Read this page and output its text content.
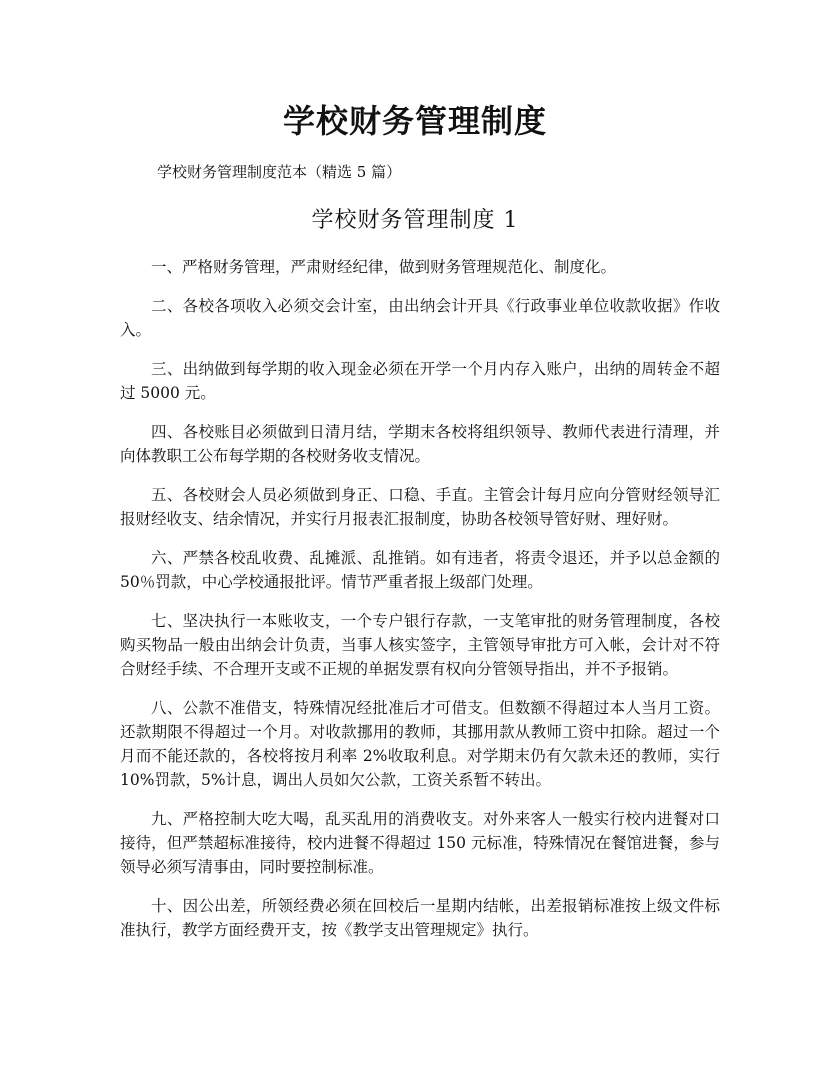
学校财务管理制度

学校财务管理制度范本（精选 5 篇）

学校财务管理制度 1

一、严格财务管理，严肃财经纪律，做到财务管理规范化、制度化。

二、各校各项收入必须交会计室，由出纳会计开具《行政事业单位收款收据》作收入。

三、出纳做到每学期的收入现金必须在开学一个月内存入账户，出纳的周转金不超过 5000 元。

四、各校账目必须做到日清月结，学期末各校将组织领导、教师代表进行清理，并向体教职工公布每学期的各校财务收支情况。

五、各校财会人员必须做到身正、口稳、手直。主管会计每月应向分管财经领导汇报财经收支、结余情况，并实行月报表汇报制度，协助各校领导管好财、理好财。

六、严禁各校乱收费、乱摊派、乱推销。如有违者，将责令退还，并予以总金额的 50％罚款，中心学校通报批评。情节严重者报上级部门处理。

七、坚决执行一本账收支，一个专户银行存款，一支笔审批的财务管理制度，各校购买物品一般由出纳会计负责，当事人核实签字，主管领导审批方可入帐，会计对不符合财经手续、不合理开支或不正规的单据发票有权向分管领导指出，并不予报销。

八、公款不准借支，特殊情况经批准后才可借支。但数额不得超过本人当月工资。还款期限不得超过一个月。对收款挪用的教师，其挪用款从教师工资中扣除。超过一个月而不能还款的，各校将按月利率 2%收取利息。对学期末仍有欠款未还的教师，实行 10%罚款，5%计息，调出人员如欠公款，工资关系暂不转出。

九、严格控制大吃大喝，乱买乱用的消费收支。对外来客人一般实行校内进餐对口接待，但严禁超标准接待，校内进餐不得超过 150 元标准，特殊情况在餐馆进餐，参与领导必须写清事由，同时要控制标准。

十、因公出差，所领经费必须在回校后一星期内结帐，出差报销标准按上级文件标准执行，教学方面经费开支，按《教学支出管理规定》执行。
